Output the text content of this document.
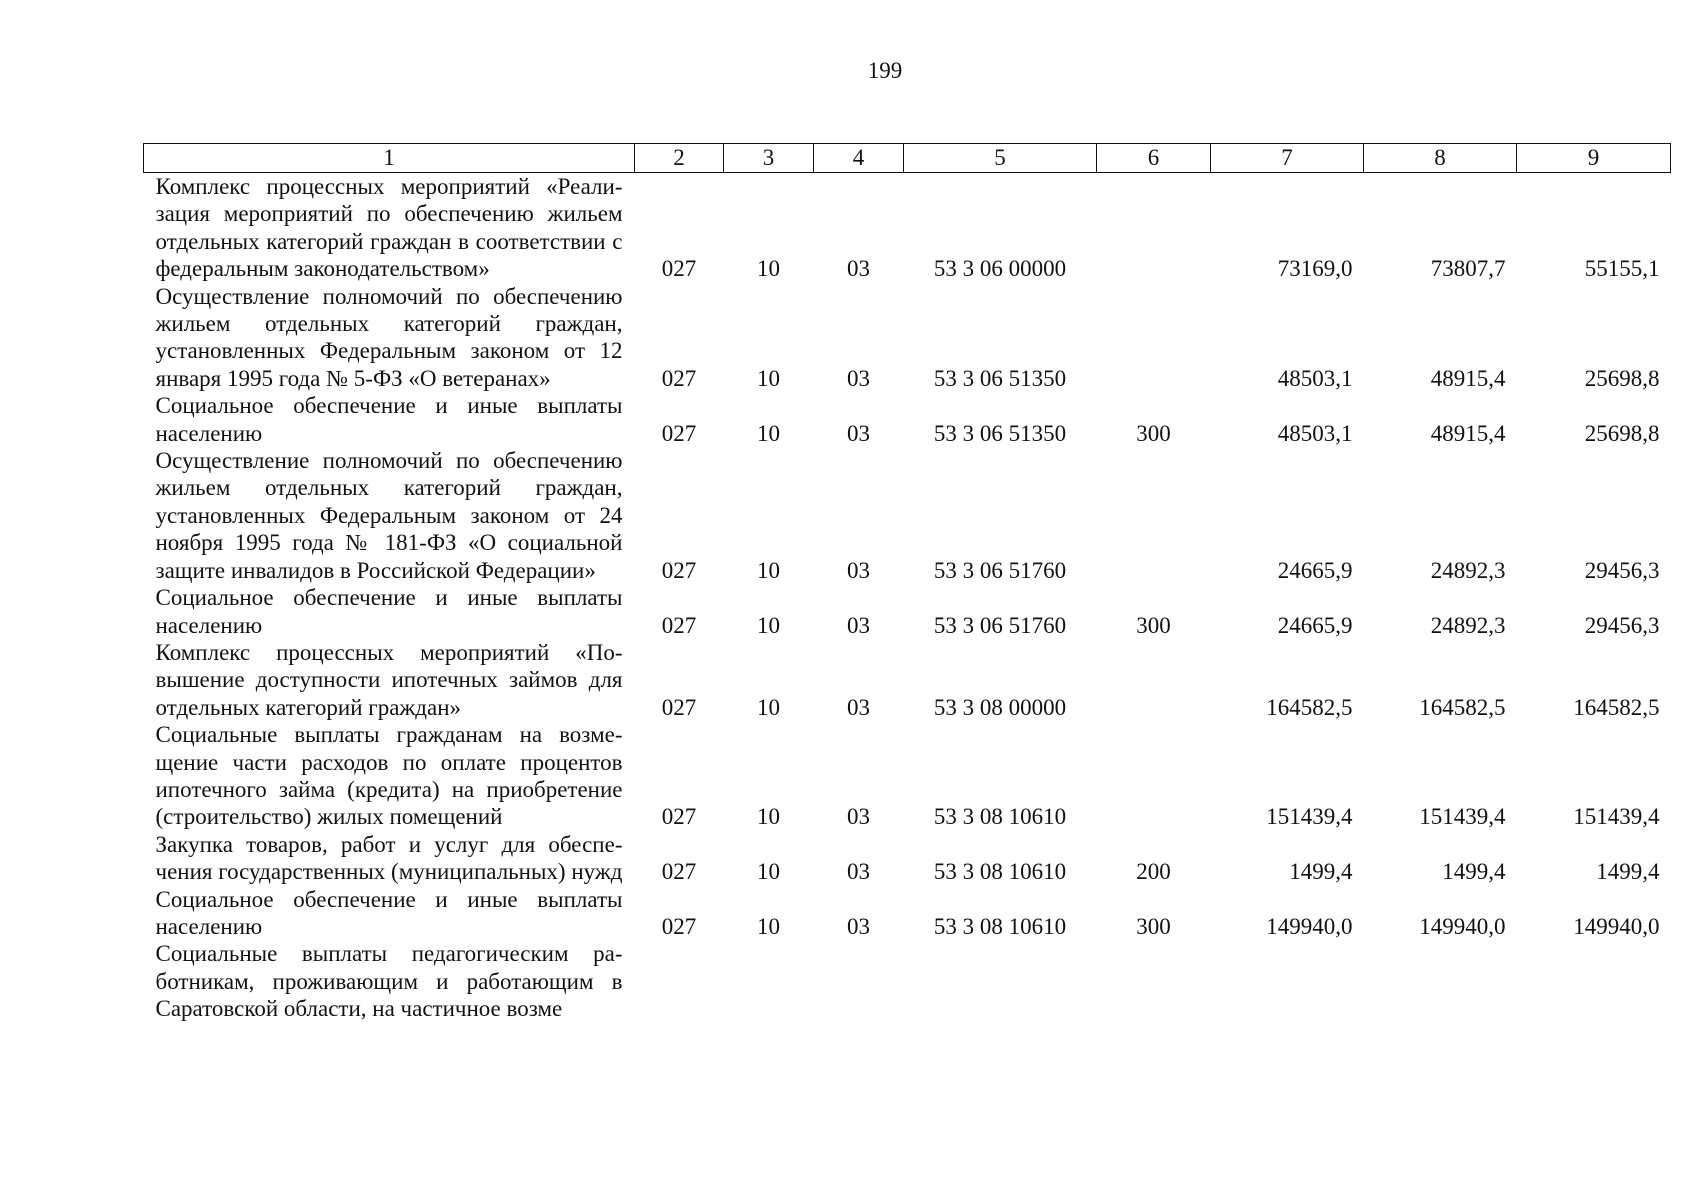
199
1	2	3	4	5	6	7	8	9
Комплекс процессных мероприятий «Реализация мероприятий по обеспечению жильем отдельных категорий граждан в соответствии с федеральным законодательством»	027	10	03	53 3 06 00000		73169,0	73807,7	55155,1
Осуществление полномочий по обеспечению жильем отдельных категорий граждан, установленных Федеральным законом от 12 января 1995 года № 5-ФЗ «О ветеранах»	027	10	03	53 3 06 51350		48503,1	48915,4	25698,8
Социальное обеспечение и иные выплаты населению	027	10	03	53 3 06 51350	300	48503,1	48915,4	25698,8
Осуществление полномочий по обеспечению жильем отдельных категорий граждан, установленных Федеральным законом от 24 ноября 1995 года № 181-ФЗ «О социальной защите инвалидов в Российской Федерации»	027	10	03	53 3 06 51760		24665,9	24892,3	29456,3
Социальное обеспечение и иные выплаты населению	027	10	03	53 3 06 51760	300	24665,9	24892,3	29456,3
Комплекс процессных мероприятий «Повышение доступности ипотечных займов для отдельных категорий граждан»	027	10	03	53 3 08 00000		164582,5	164582,5	164582,5
Социальные выплаты гражданам на возмещение части расходов по оплате процентов ипотечного займа (кредита) на приобретение (строительство) жилых помещений	027	10	03	53 3 08 10610		151439,4	151439,4	151439,4
Закупка товаров, работ и услуг для обеспечения государственных (муниципальных) нужд	027	10	03	53 3 08 10610	200	1499,4	1499,4	1499,4
Социальное обеспечение и иные выплаты населению	027	10	03	53 3 08 10610	300	149940,0	149940,0	149940,0
Социальные выплаты педагогическим работникам, проживающим и работающим в Саратовской области, на частичное возме								
